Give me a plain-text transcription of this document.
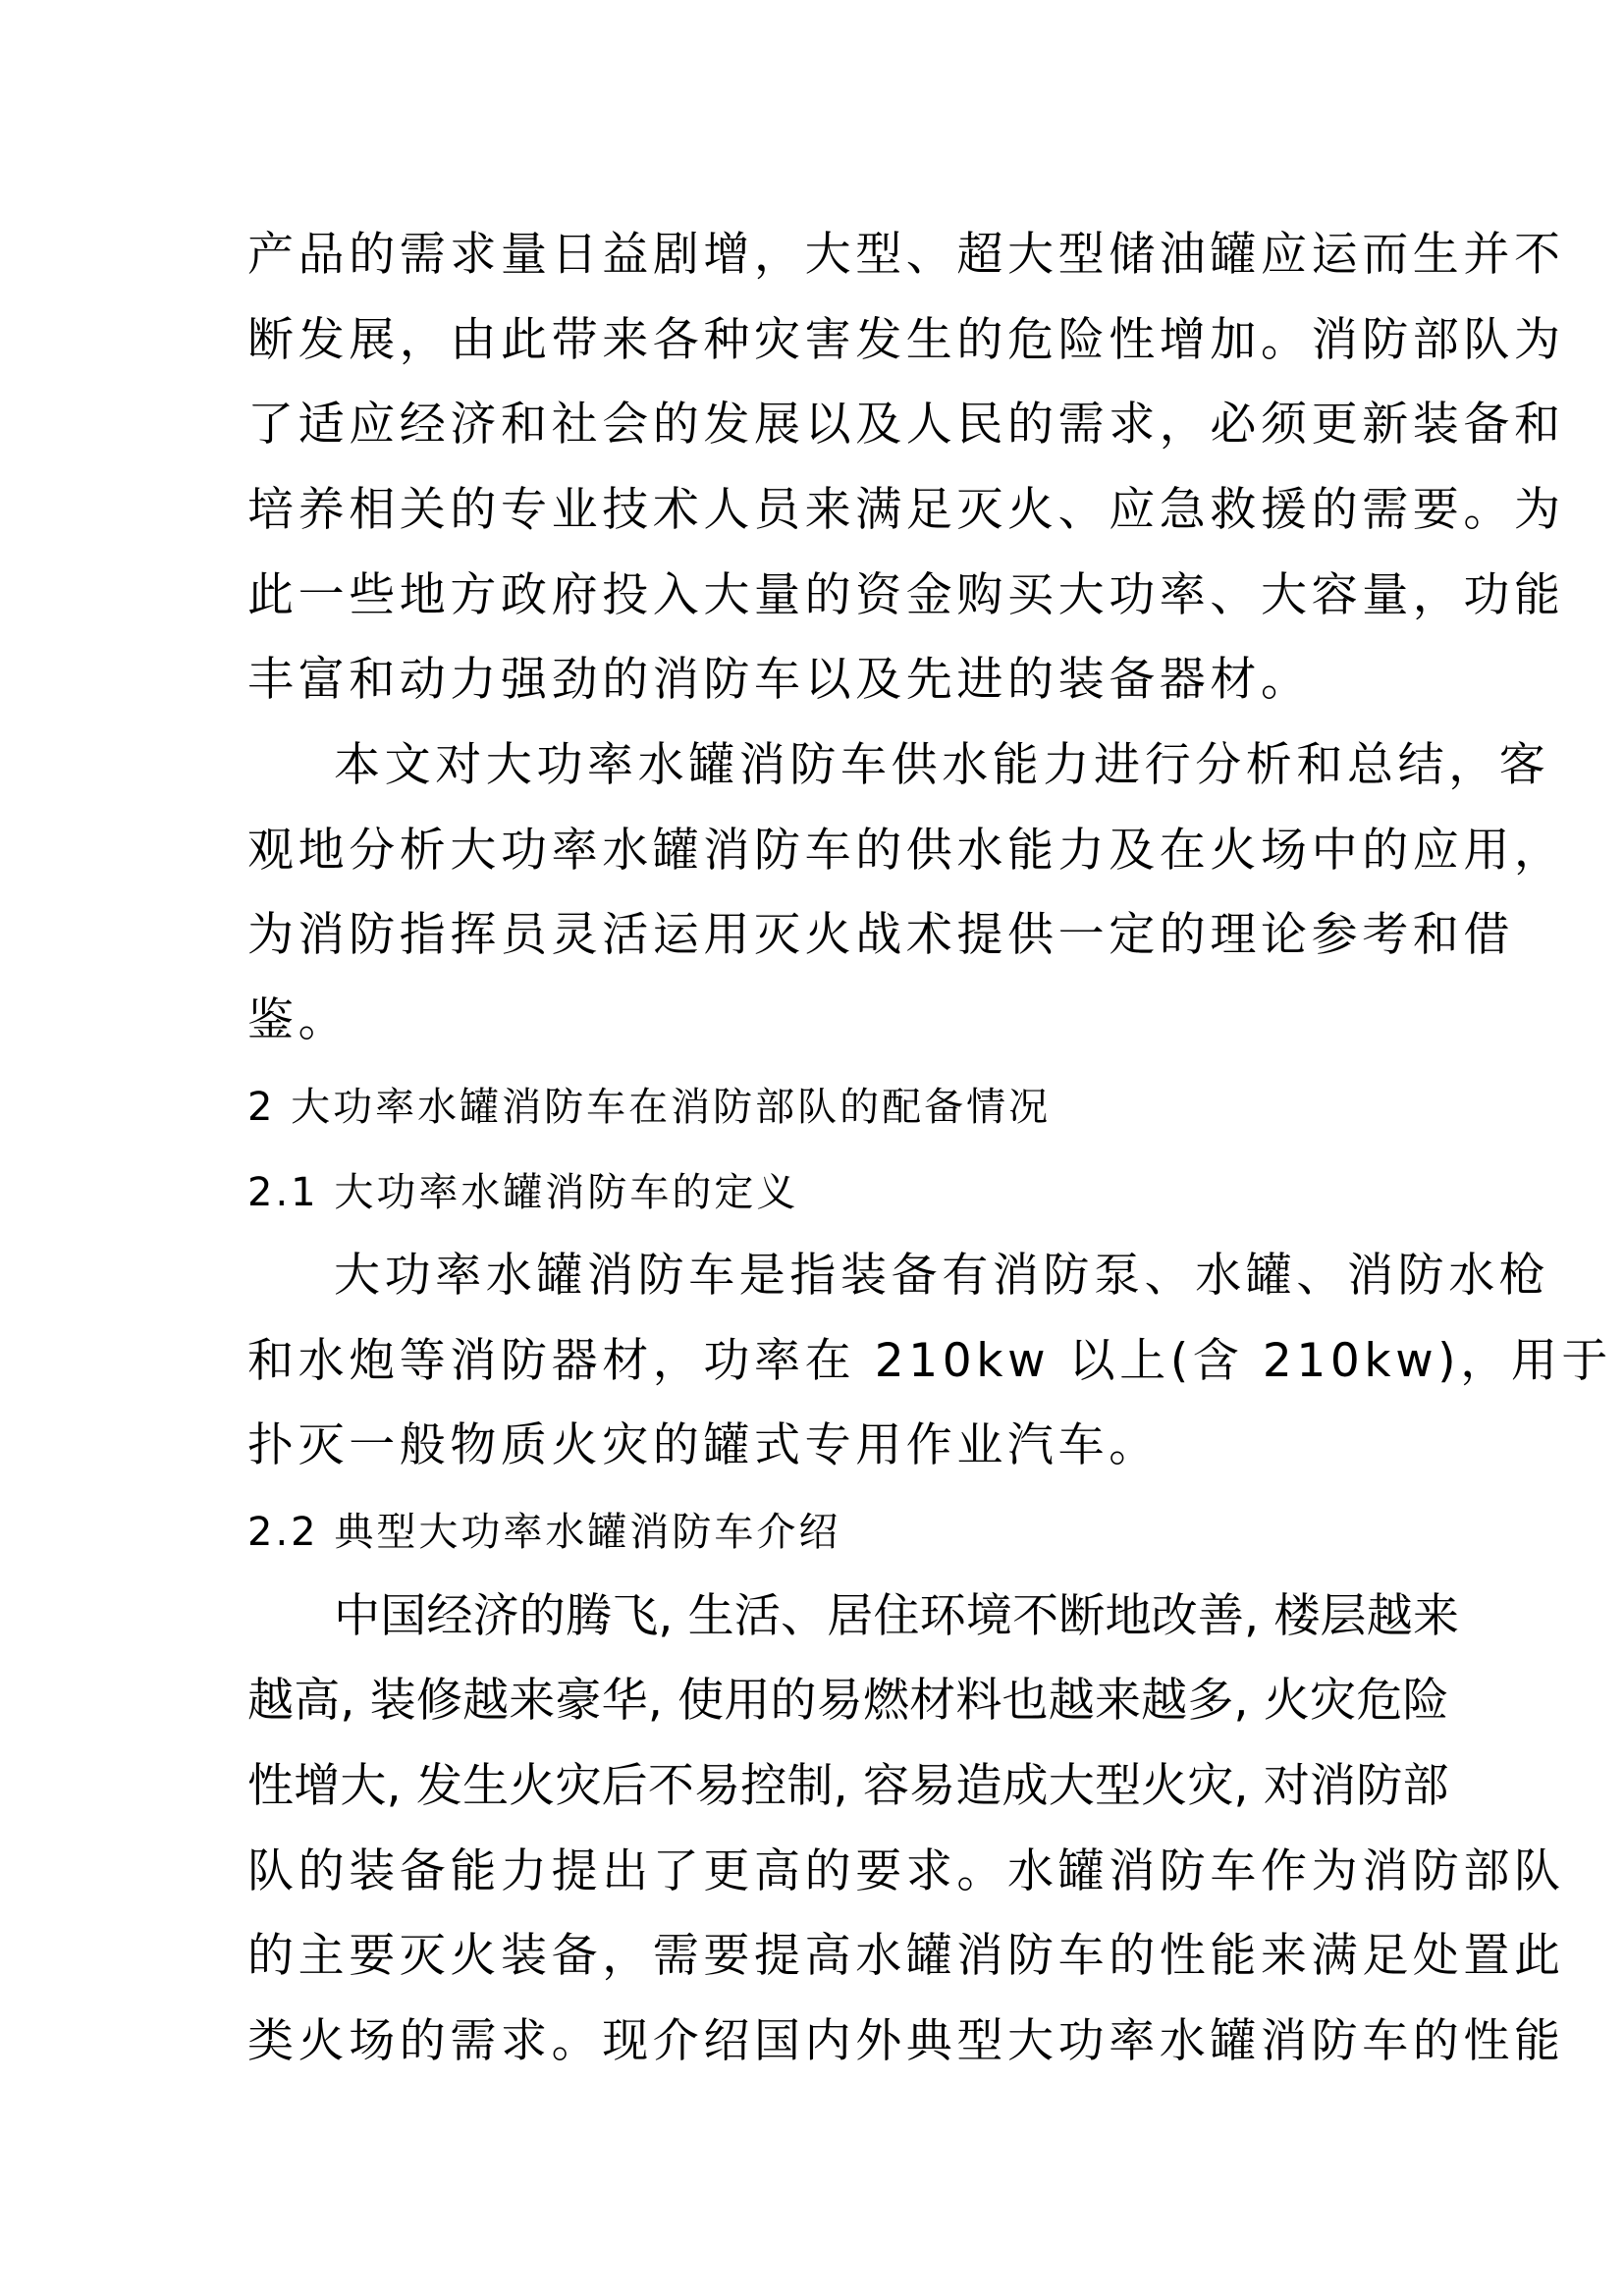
产品的需求量日益剧增，大型、超大型储油罐应运而生并不
断发展，由此带来各种灾害发生的危险性增加。消防部队为
了适应经济和社会的发展以及人民的需求，必须更新装备和
培养相关的专业技术人员来满足灭火、应急救援的需要。为
此一些地方政府投入大量的资金购买大功率、大容量，功能
丰富和动力强劲的消防车以及先进的装备器材。
本文对大功率水罐消防车供水能力进行分析和总结，客
观地分析大功率水罐消防车的供水能力及在火场中的应用，
为消防指挥员灵活运用灭火战术提供一定的理论参考和借
鉴。
2 大功率水罐消防车在消防部队的配备情况
2.1 大功率水罐消防车的定义
大功率水罐消防车是指装备有消防泵、水罐、消防水枪
和水炮等消防器材，功率在 210kw 以上(含 210kw)，用于
扑灭一般物质火灾的罐式专用作业汽车。
2.2 典型大功率水罐消防车介绍
中国经济的腾飞, 生活、居住环境不断地改善, 楼层越来
越高, 装修越来豪华, 使用的易燃材料也越来越多, 火灾危险
性增大, 发生火灾后不易控制, 容易造成大型火灾, 对消防部
队的装备能力提出了更高的要求。水罐消防车作为消防部队
的主要灭火装备，需要提高水罐消防车的性能来满足处置此
类火场的需求。现介绍国内外典型大功率水罐消防车的性能
